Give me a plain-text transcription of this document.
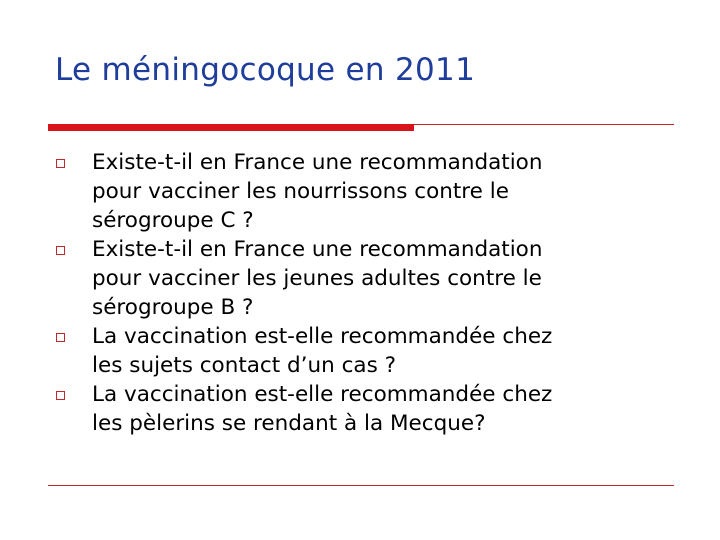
Le méningocoque en 2011
Existe-t-il en France une recommandation
pour vacciner les nourrissons contre le
sérogroupe C ?
Existe-t-il en France une recommandation
pour vacciner les jeunes adultes contre le
sérogroupe B ?
La vaccination est-elle recommandée chez
les sujets contact d’un cas ?
La vaccination est-elle recommandée chez
les pèlerins se rendant à la Mecque?
